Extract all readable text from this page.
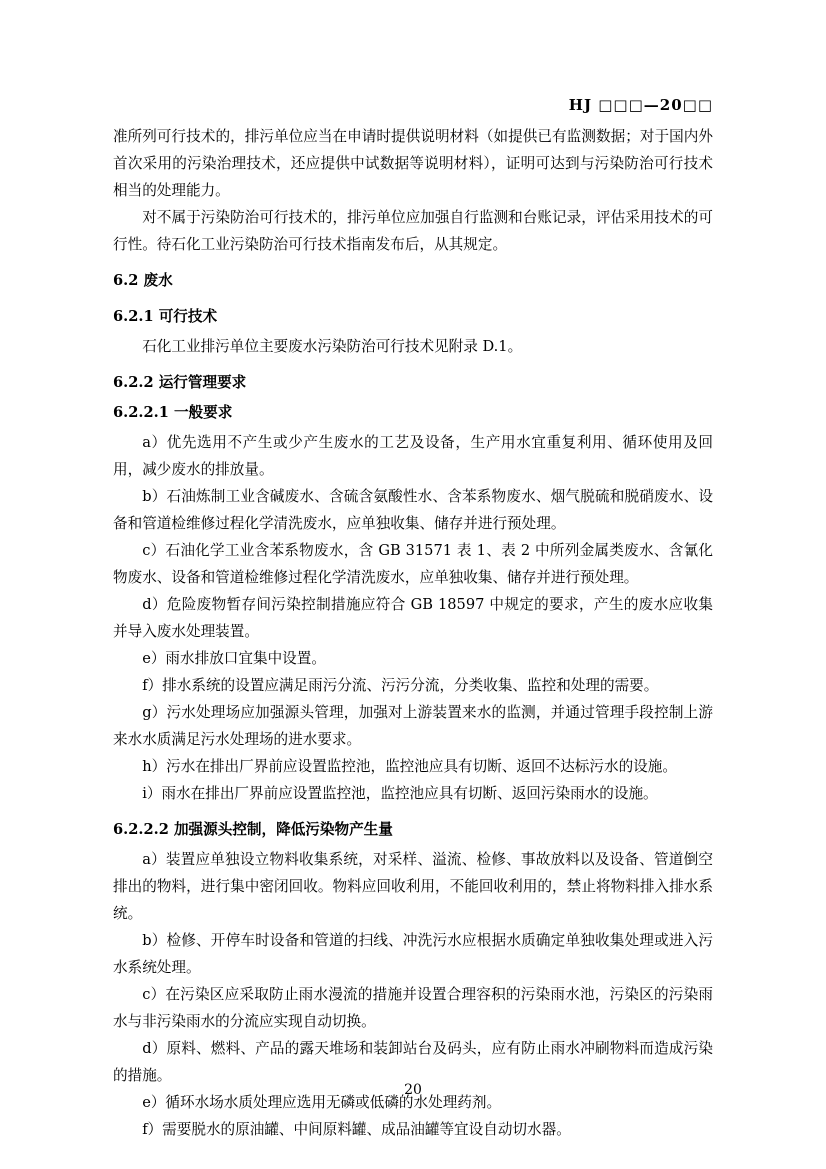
HJ □□□—20□□

准所列可行技术的，排污单位应当在申请时提供说明材料（如提供已有监测数据；对于国内外首次采用的污染治理技术，还应提供中试数据等说明材料），证明可达到与污染防治可行技术相当的处理能力。

对不属于污染防治可行技术的，排污单位应加强自行监测和台账记录，评估采用技术的可行性。待石化工业污染防治可行技术指南发布后，从其规定。

6.2 废水

6.2.1 可行技术

石化工业排污单位主要废水污染防治可行技术见附录 D.1。

6.2.2 运行管理要求

6.2.2.1 一般要求

a）优先选用不产生或少产生废水的工艺及设备，生产用水宜重复利用、循环使用及回用，减少废水的排放量。

b）石油炼制工业含碱废水、含硫含氨酸性水、含苯系物废水、烟气脱硫和脱硝废水、设备和管道检维修过程化学清洗废水，应单独收集、储存并进行预处理。

c）石油化学工业含苯系物废水，含 GB 31571 表 1、表 2 中所列金属类废水、含氰化物废水、设备和管道检维修过程化学清洗废水，应单独收集、储存并进行预处理。

d）危险废物暂存间污染控制措施应符合 GB 18597 中规定的要求，产生的废水应收集并导入废水处理装置。

e）雨水排放口宜集中设置。

f）排水系统的设置应满足雨污分流、污污分流，分类收集、监控和处理的需要。

g）污水处理场应加强源头管理，加强对上游装置来水的监测，并通过管理手段控制上游来水水质满足污水处理场的进水要求。

h）污水在排出厂界前应设置监控池，监控池应具有切断、返回不达标污水的设施。

i）雨水在排出厂界前应设置监控池，监控池应具有切断、返回污染雨水的设施。

6.2.2.2 加强源头控制，降低污染物产生量

a）装置应单独设立物料收集系统，对采样、溢流、检修、事故放料以及设备、管道倒空排出的物料，进行集中密闭回收。物料应回收利用，不能回收利用的，禁止将物料排入排水系统。

b）检修、开停车时设备和管道的扫线、冲洗污水应根据水质确定单独收集处理或进入污水系统处理。

c）在污染区应采取防止雨水漫流的措施并设置合理容积的污染雨水池，污染区的污染雨水与非污染雨水的分流应实现自动切换。

d）原料、燃料、产品的露天堆场和装卸站台及码头，应有防止雨水冲刷物料而造成污染的措施。

e）循环水场水质处理应选用无磷或低磷的水处理药剂。

f）需要脱水的原油罐、中间原料罐、成品油罐等宜设自动切水器。

20
